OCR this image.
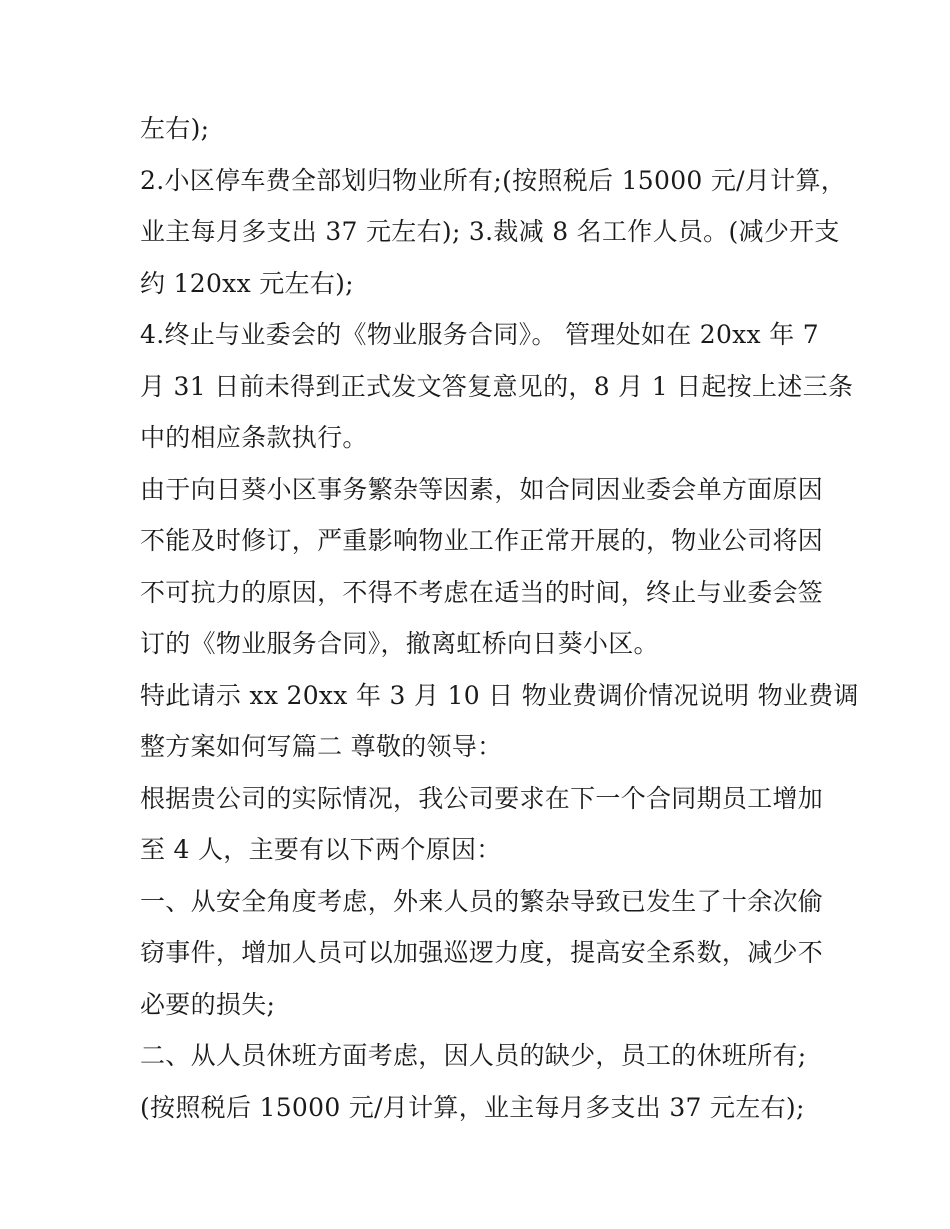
左右);
2.小区停车费全部划归物业所有;(按照税后 15000 元/月计算，
业主每月多支出 37 元左右); 3.裁减 8 名工作人员。(减少开支
约 120xx 元左右);
4.终止与业委会的《物业服务合同》。 管理处如在 20xx 年 7
月 31 日前未得到正式发文答复意见的，8 月 1 日起按上述三条
中的相应条款执行。
由于向日葵小区事务繁杂等因素，如合同因业委会单方面原因
不能及时修订，严重影响物业工作正常开展的，物业公司将因
不可抗力的原因，不得不考虑在适当的时间，终止与业委会签
订的《物业服务合同》，撤离虹桥向日葵小区。
特此请示 xx 20xx 年 3 月 10 日 物业费调价情况说明 物业费调
整方案如何写篇二 尊敬的领导：
根据贵公司的实际情况，我公司要求在下一个合同期员工增加
至 4 人，主要有以下两个原因：
一、从安全角度考虑，外来人员的繁杂导致已发生了十余次偷
窃事件，增加人员可以加强巡逻力度，提高安全系数，减少不
必要的损失;
二、从人员休班方面考虑，因人员的缺少，员工的休班所有;
(按照税后 15000 元/月计算，业主每月多支出 37 元左右);
